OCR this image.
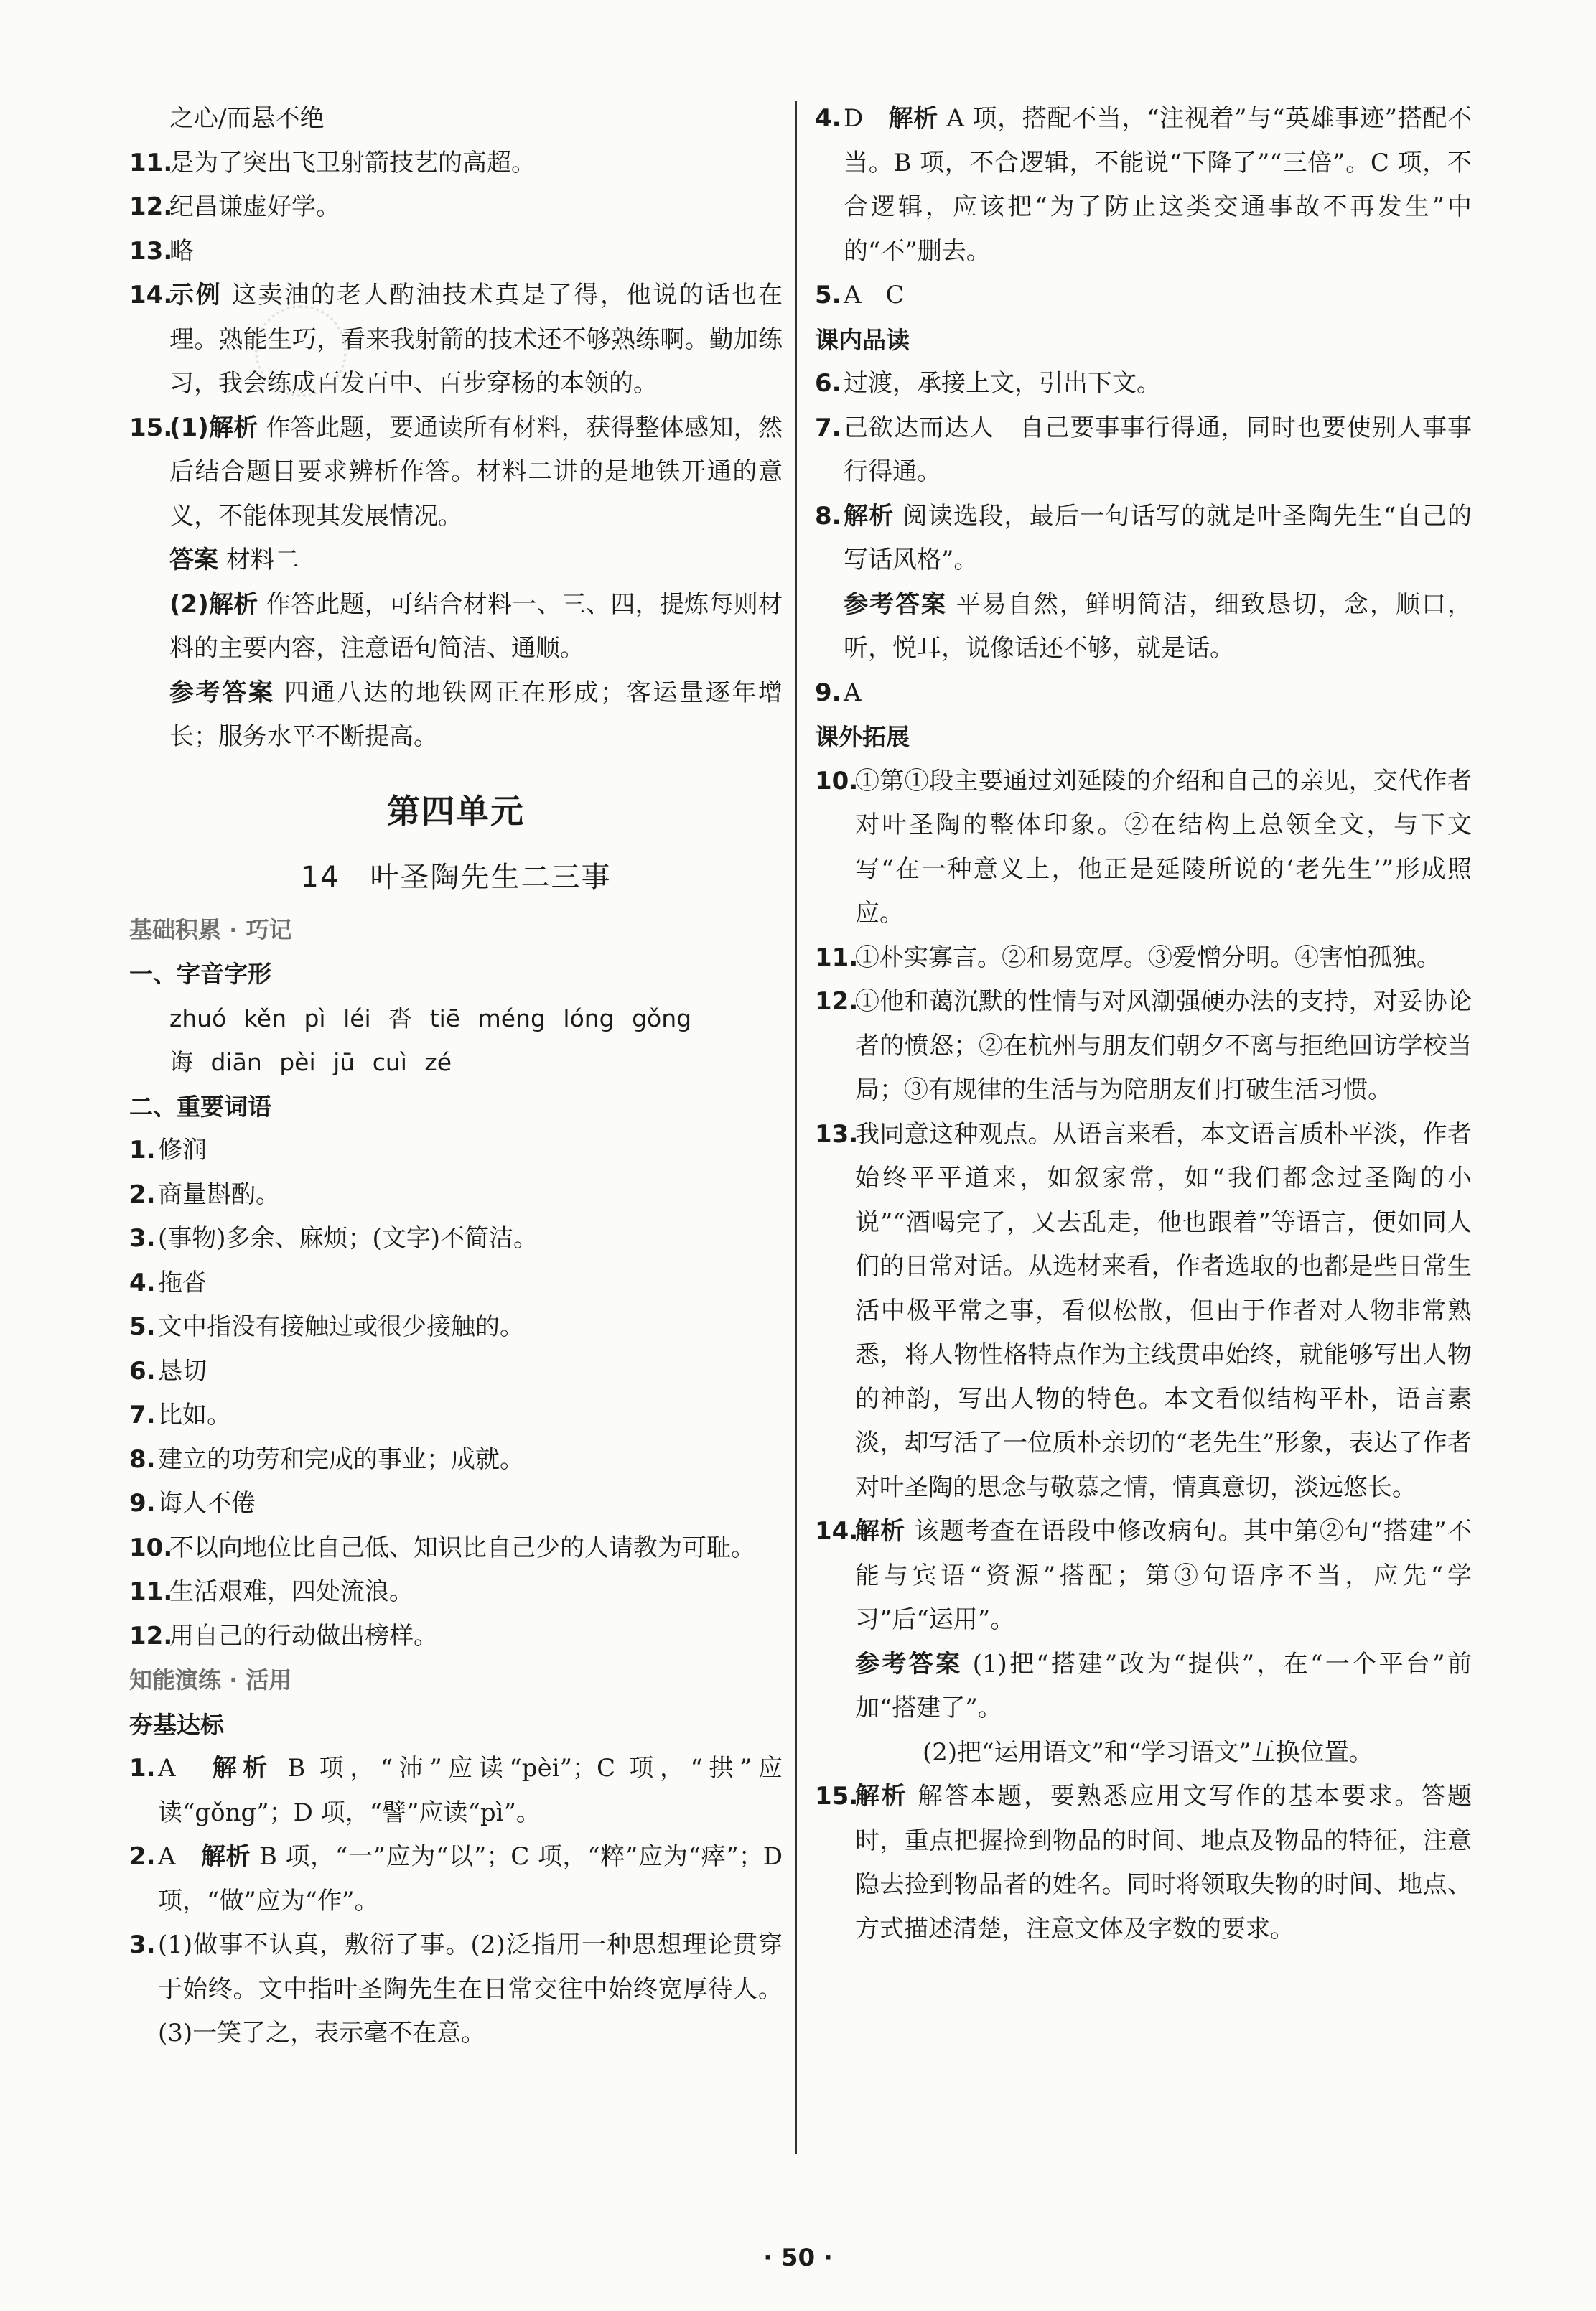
之心/而悬不绝
11.
是为了突出飞卫射箭技艺的高超。
12.
纪昌谦虚好学。
13.
略
14.
示例 这卖油的老人酌油技术真是了得，他说的话也在理。熟能生巧，看来我射箭的技术还不够熟练啊。勤加练习，我会练成百发百中、百步穿杨的本领的。
15.
(1)解析 作答此题，要通读所有材料，获得整体感知，然后结合题目要求辨析作答。材料二讲的是地铁开通的意义，不能体现其发展情况。
答案 材料二
(2)解析 作答此题，可结合材料一、三、四，提炼每则材料的主要内容，注意语句简洁、通顺。
参考答案 四通八达的地铁网正在形成；客运量逐年增长；服务水平不断提高。
第四单元
14　叶圣陶先生二三事
基础积累 · 巧记
一、字音字形
zhuó kěn pì léi 沓 tiē méng lóng gǒng
诲 diān pèi jū cuì zé
二、重要词语
1. 修润
2. 商量斟酌。
3. (事物)多余、麻烦；(文字)不简洁。
4. 拖沓
5. 文中指没有接触过或很少接触的。
6. 恳切
7. 比如。
8. 建立的功劳和完成的事业；成就。
9. 诲人不倦
10.
不以向地位比自己低、知识比自己少的人请教为可耻。
11.
生活艰难，四处流浪。
12.
用自己的行动做出榜样。
知能演练 · 活用
夯基达标
1. A　解析 B 项，“沛”应读“pèi”；C 项，“拱”应读“gǒng”；D 项，“譬”应读“pì”。
2. A　解析 B 项，“一”应为“以”；C 项，“粹”应为“瘁”；D 项，“做”应为“作”。
3. (1)做事不认真，敷衍了事。(2)泛指用一种思想理论贯穿于始终。文中指叶圣陶先生在日常交往中始终宽厚待人。(3)一笑了之，表示毫不在意。
4. D　解析 A 项，搭配不当，“注视着”与“英雄事迹”搭配不当。B 项，不合逻辑，不能说“下降了”“三倍”。C 项，不合逻辑，应该把“为了防止这类交通事故不再发生”中的“不”删去。
5. A　C
课内品读
6. 过渡，承接上文，引出下文。
7. 己欲达而达人　自己要事事行得通，同时也要使别人事事行得通。
8. 解析 阅读选段，最后一句话写的就是叶圣陶先生“自己的写话风格”。
参考答案 平易自然，鲜明简洁，细致恳切，念，顺口，听，悦耳，说像话还不够，就是话。
9. A
课外拓展
10.
①第①段主要通过刘延陵的介绍和自己的亲见，交代作者对叶圣陶的整体印象。②在结构上总领全文，与下文写“在一种意义上，他正是延陵所说的‘老先生’”形成照应。
11.
①朴实寡言。②和易宽厚。③爱憎分明。④害怕孤独。
12.
①他和蔼沉默的性情与对风潮强硬办法的支持，对妥协论者的愤怒；②在杭州与朋友们朝夕不离与拒绝回访学校当局；③有规律的生活与为陪朋友们打破生活习惯。
13.
我同意这种观点。从语言来看，本文语言质朴平淡，作者始终平平道来，如叙家常，如“我们都念过圣陶的小说”“酒喝完了，又去乱走，他也跟着”等语言，便如同人们的日常对话。从选材来看，作者选取的也都是些日常生活中极平常之事，看似松散，但由于作者对人物非常熟悉，将人物性格特点作为主线贯串始终，就能够写出人物的神韵，写出人物的特色。本文看似结构平朴，语言素淡，却写活了一位质朴亲切的“老先生”形象，表达了作者对叶圣陶的思念与敬慕之情，情真意切，淡远悠长。
14.
解析 该题考查在语段中修改病句。其中第②句“搭建”不能与宾语“资源”搭配；第③句语序不当，应先“学习”后“运用”。
参考答案 (1)把“搭建”改为“提供”，在“一个平台”前加“搭建了”。
(2)把“运用语文”和“学习语文”互换位置。
15.
解析 解答本题，要熟悉应用文写作的基本要求。答题时，重点把握捡到物品的时间、地点及物品的特征，注意隐去捡到物品者的姓名。同时将领取失物的时间、地点、方式描述清楚，注意文体及字数的要求。
· 50 ·
